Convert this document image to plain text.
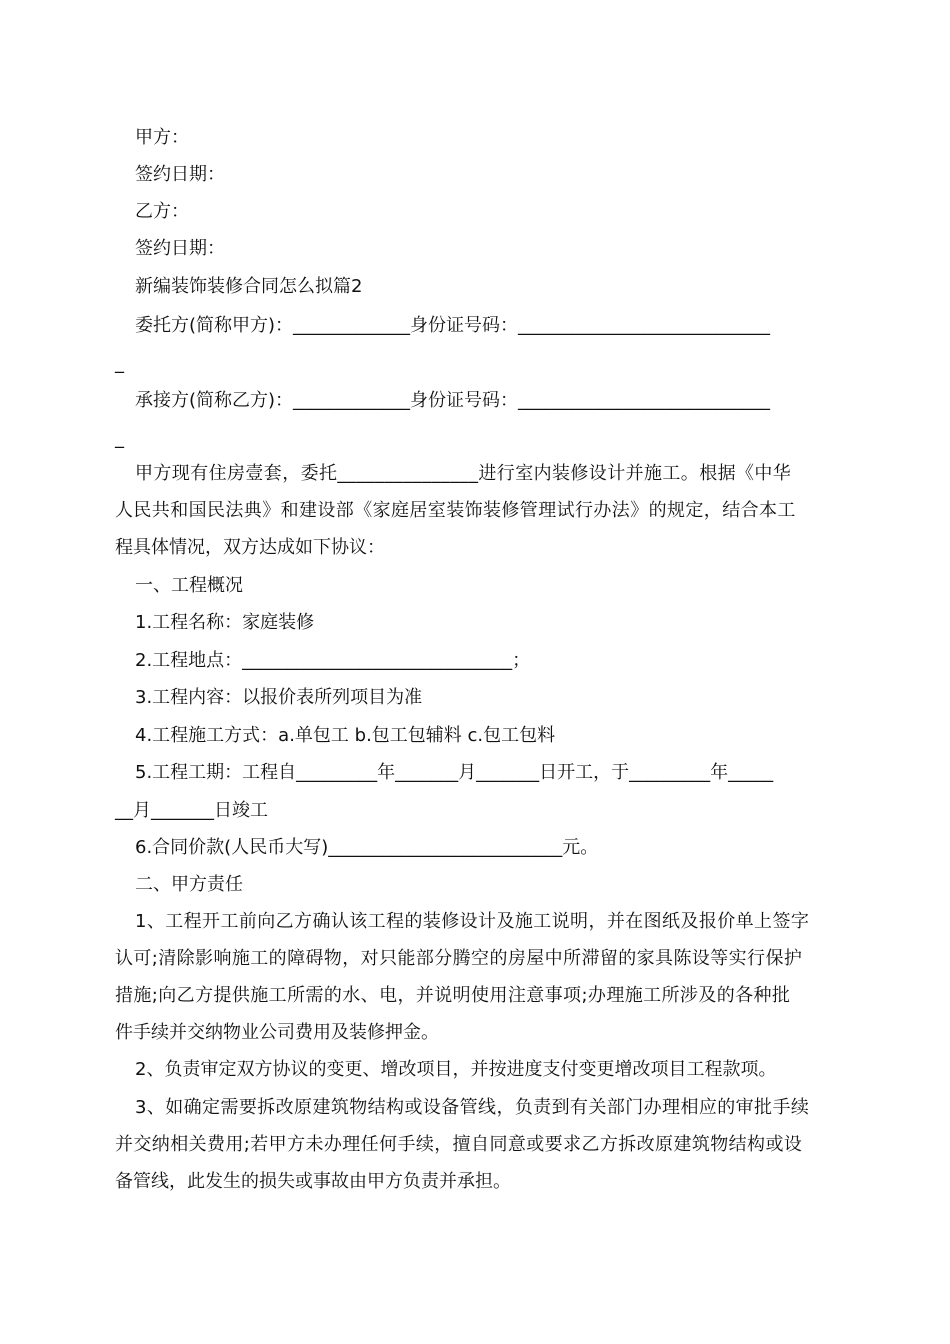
甲方：
签约日期：
乙方：
签约日期：
新编装饰装修合同怎么拟篇2
委托方(简称甲方)：_____________身份证号码：____________________________
_
承接方(简称乙方)：_____________身份证号码：____________________________
_
甲方现有住房壹套，委托_______________进行室内装修设计并施工。根据《中华
人民共和国民法典》和建设部《家庭居室装饰装修管理试行办法》的规定，结合本工
程具体情况，双方达成如下协议：
一、工程概况
1.工程名称：家庭装修
2.工程地点：______________________________；
3.工程内容：以报价表所列项目为准
4.工程施工方式：a.单包工 b.包工包辅料 c.包工包料
5.工程工期：工程自_________年_______月_______日开工，于_________年_____
__月_______日竣工
6.合同价款(人民币大写)__________________________元。
二、甲方责任
1、工程开工前向乙方确认该工程的装修设计及施工说明，并在图纸及报价单上签字
认可;清除影响施工的障碍物，对只能部分腾空的房屋中所滞留的家具陈设等实行保护
措施;向乙方提供施工所需的水、电，并说明使用注意事项;办理施工所涉及的各种批
件手续并交纳物业公司费用及装修押金。
2、负责审定双方协议的变更、增改项目，并按进度支付变更增改项目工程款项。
3、如确定需要拆改原建筑物结构或设备管线，负责到有关部门办理相应的审批手续
并交纳相关费用;若甲方未办理任何手续，擅自同意或要求乙方拆改原建筑物结构或设
备管线，此发生的损失或事故由甲方负责并承担。
